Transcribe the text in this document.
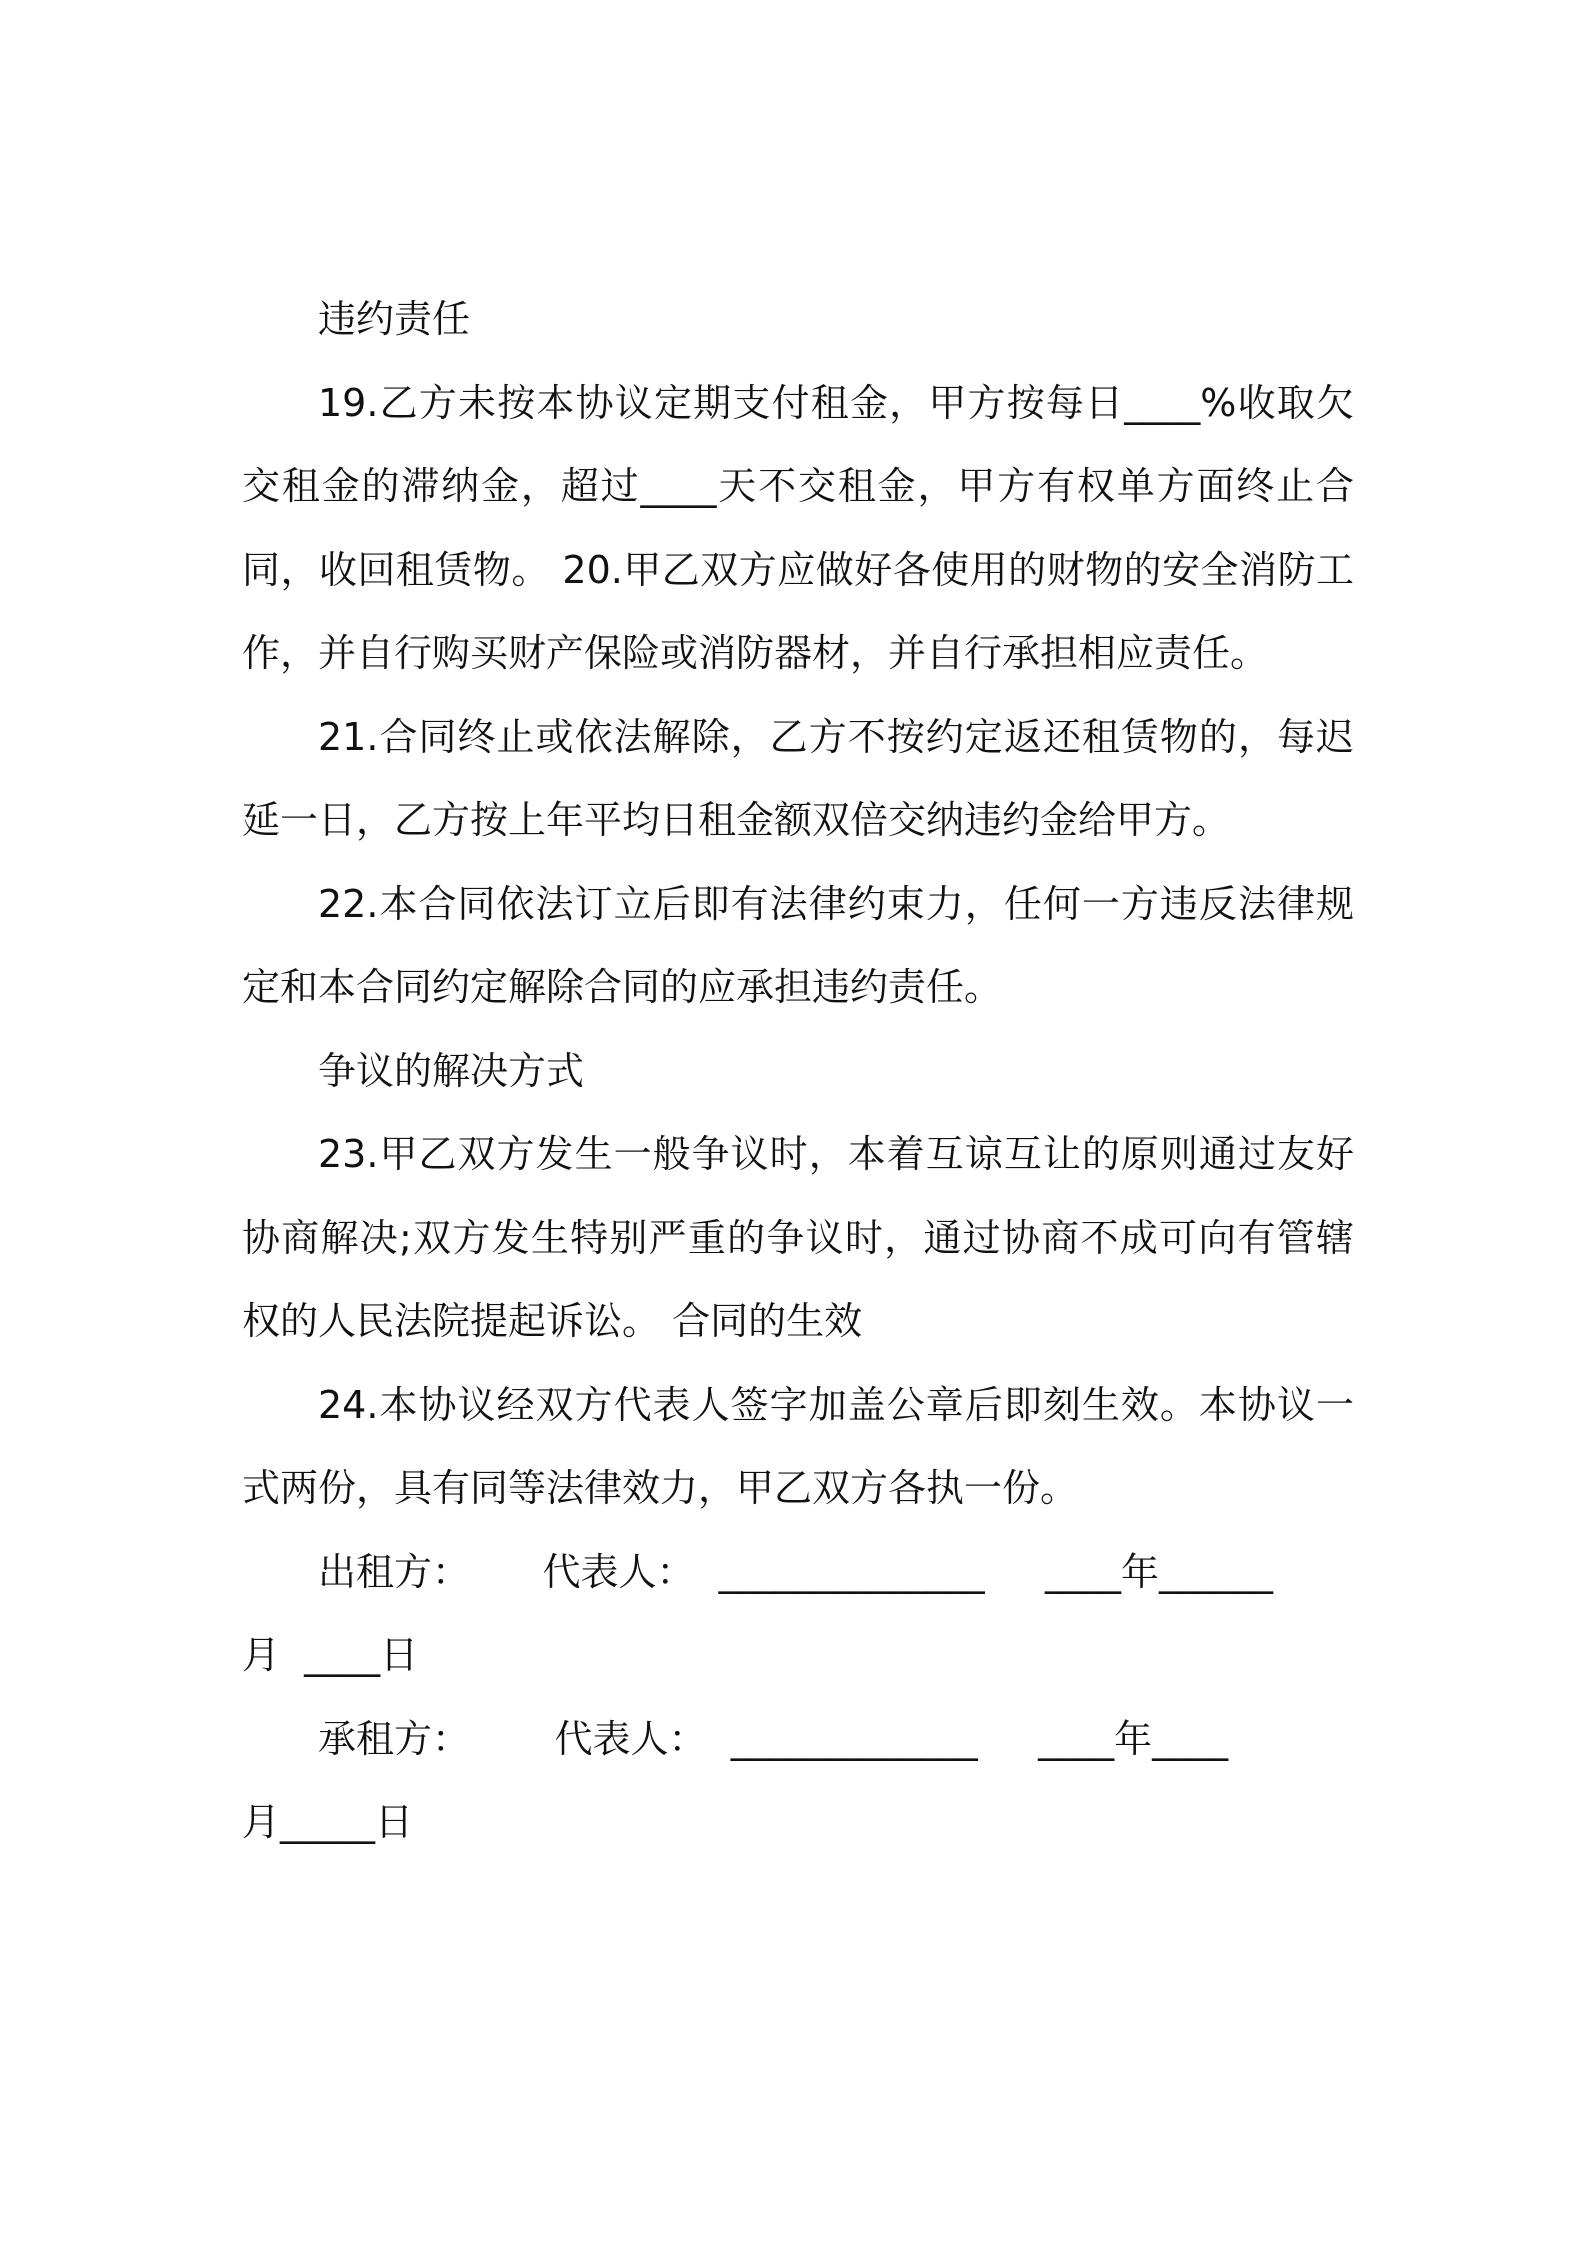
违约责任

19.乙方未按本协议定期支付租金，甲方按每日____%收取欠交租金的滞纳金，超过____天不交租金，甲方有权单方面终止合同，收回租赁物。 20.甲乙双方应做好各使用的财物的安全消防工作，并自行购买财产保险或消防器材，并自行承担相应责任。

21.合同终止或依法解除，乙方不按约定返还租赁物的，每迟延一日，乙方按上年平均日租金额双倍交纳违约金给甲方。

22.本合同依法订立后即有法律约束力，任何一方违反法律规定和本合同约定解除合同的应承担违约责任。

争议的解决方式

23.甲乙双方发生一般争议时，本着互谅互让的原则通过友好协商解决;双方发生特别严重的争议时，通过协商不成可向有管辖权的人民法院提起诉讼。 合同的生效

24.本协议经双方代表人签字加盖公章后即刻生效。本协议一式两份，具有同等法律效力，甲乙双方各执一份。

出租方：      代表人：  ______________     ____年______

月  ____日

承租方：       代表人：  _____________     ____年____

月_____日
